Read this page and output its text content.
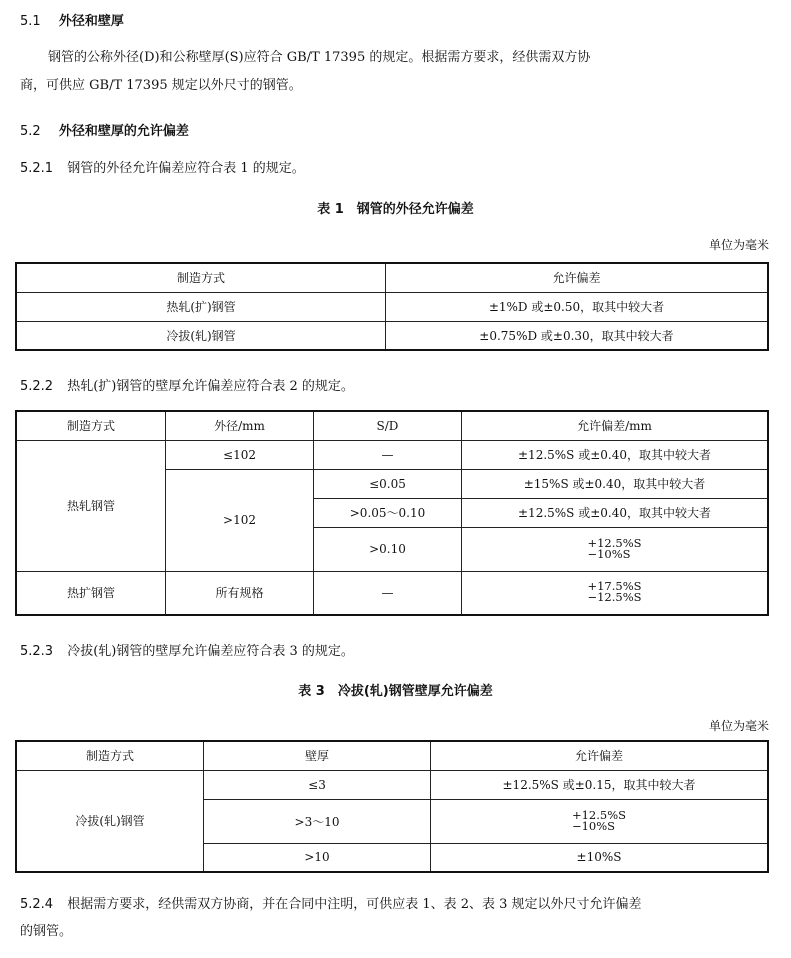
5.1 外径和壁厚
钢管的公称外径(D)和公称壁厚(S)应符合 GB/T 17395 的规定。根据需方要求，经供需双方协
商，可供应 GB/T 17395 规定以外尺寸的钢管。
5.2 外径和壁厚的允许偏差
5.2.1 钢管的外径允许偏差应符合表 1 的规定。
表 1　钢管的外径允许偏差
单位为毫米
制造方式	允许偏差
热轧(扩)钢管	±1%D 或±0.50，取其中较大者
冷拔(轧)钢管	±0.75%D 或±0.30，取其中较大者
5.2.2 热轧(扩)钢管的壁厚允许偏差应符合表 2 的规定。
制造方式	外径/mm	S/D	允许偏差/mm
热轧钢管	≤102	—	±12.5%S 或±0.40，取其中较大者
	>102	≤0.05	±15%S 或±0.40，取其中较大者
		>0.05～0.10	±12.5%S 或±0.40，取其中较大者
		>0.10	+12.5%S
−10%S
热扩钢管	所有规格	—	+17.5%S
−12.5%S
5.2.3 冷拔(轧)钢管的壁厚允许偏差应符合表 3 的规定。
表 3　冷拔(轧)钢管壁厚允许偏差
单位为毫米
制造方式	壁厚	允许偏差
冷拔(轧)钢管	≤3	±12.5%S 或±0.15，取其中较大者
	>3～10	+12.5%S
−10%S
	>10	±10%S
5.2.4 根据需方要求，经供需双方协商，并在合同中注明，可供应表 1、表 2、表 3 规定以外尺寸允许偏差
的钢管。
